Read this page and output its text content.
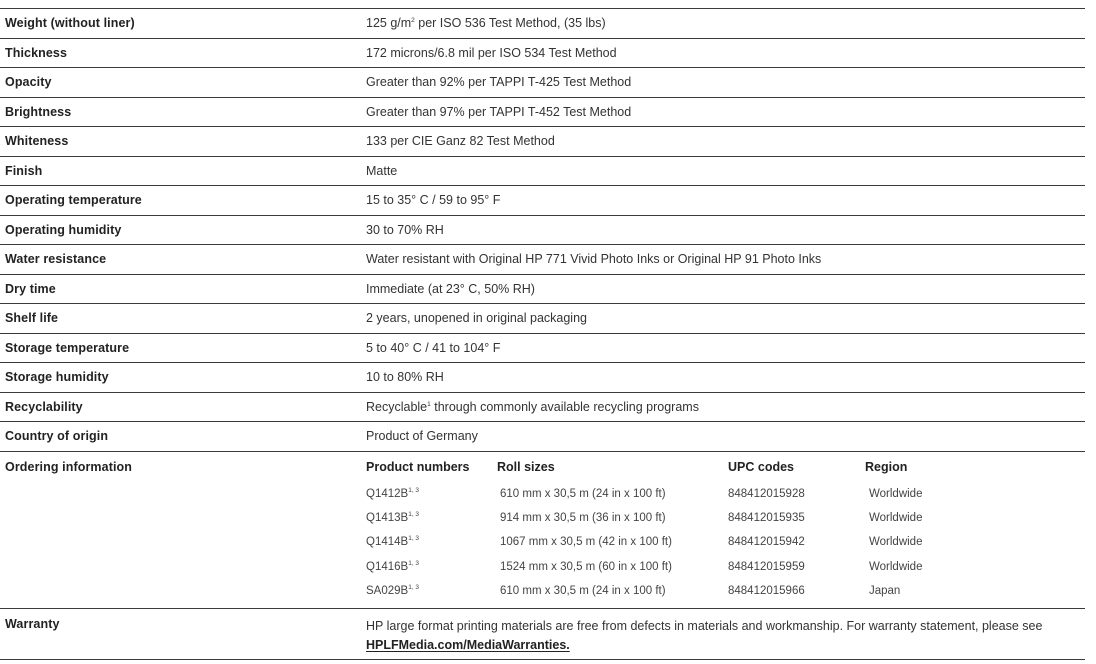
Weight (without liner)	125 $g/m^2$ per ISO 536 Test Method, (35 lbs)
Thickness	172 microns/6.8 mil per ISO 534 Test Method
Opacity	Greater than 92% per TAPPI T-425 Test Method
Brightness	Greater than 97% per TAPPI T-452 Test Method
Whiteness	133 per CIE Ganz 82 Test Method
Finish	Matte
Operating temperature	15 to 35° C / 59 to 95° F
Operating humidity	30 to 70% RH
Water resistance	Water resistant with Original HP 771 Vivid Photo Inks or Original HP 91 Photo Inks
Dry time	Immediate (at 23° C, 50% RH)
Shelf life	2 years, unopened in original packaging
Storage temperature	5 to 40° C / 41 to 104° F
Storage humidity	10 to 80% RH
Recyclability	Recyclable$^1$ through commonly available recycling programs
Country of origin	Product of Germany
Ordering information	Product numbers	Roll sizes	UPC codes	Region
$Q1412B^{1, 3}$	610 mm x 30,5 m (24 in x 100 ft)	848412015928	Worldwide
$Q1413B^{1, 3}$	914 mm x 30,5 m (36 in x 100 ft)	848412015935	Worldwide
$Q1414B^{1, 3}$	1067 mm x 30,5 m (42 in x 100 ft)	848412015942	Worldwide
$Q1416B^{1, 3}$	1524 mm x 30,5 m (60 in x 100 ft)	848412015959	Worldwide
$SA029B^{1, 3}$	610 mm x 30,5 m (24 in x 100 ft)	848412015966	Japan
Warranty	HP large format printing materials are free from defects in materials and workmanship. For warranty statement, please see
HPLFMedia.com/MediaWarranties.
